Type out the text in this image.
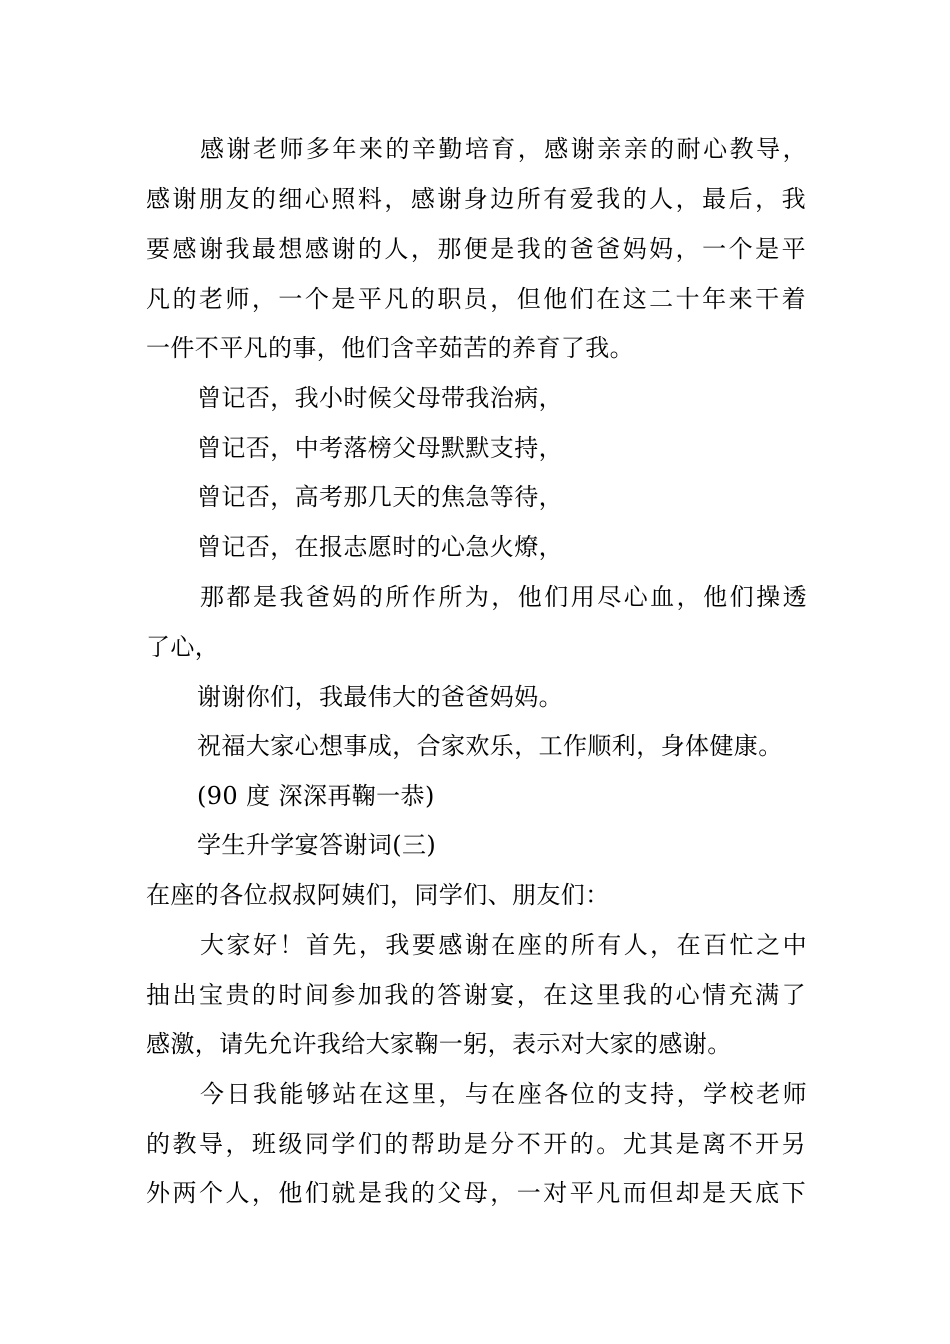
感谢老师多年来的辛勤培育，感谢亲亲的耐心教导，
感谢朋友的细心照料，感谢身边所有爱我的人，最后，我
要感谢我最想感谢的人，那便是我的爸爸妈妈，一个是平
凡的老师，一个是平凡的职员，但他们在这二十年来干着
一件不平凡的事，他们含辛茹苦的养育了我。
曾记否，我小时候父母带我治病，
曾记否，中考落榜父母默默支持，
曾记否，高考那几天的焦急等待，
曾记否，在报志愿时的心急火燎，
那都是我爸妈的所作所为，他们用尽心血，他们操透
了心，
谢谢你们，我最伟大的爸爸妈妈。
祝福大家心想事成，合家欢乐，工作顺利，身体健康。
(90 度 深深再鞠一恭)
学生升学宴答谢词(三)
在座的各位叔叔阿姨们，同学们、朋友们：
大家好！首先，我要感谢在座的所有人，在百忙之中
抽出宝贵的时间参加我的答谢宴，在这里我的心情充满了
感激，请先允许我给大家鞠一躬，表示对大家的感谢。
今日我能够站在这里，与在座各位的支持，学校老师
的教导，班级同学们的帮助是分不开的。尤其是离不开另
外两个人，他们就是我的父母，一对平凡而但却是天底下
